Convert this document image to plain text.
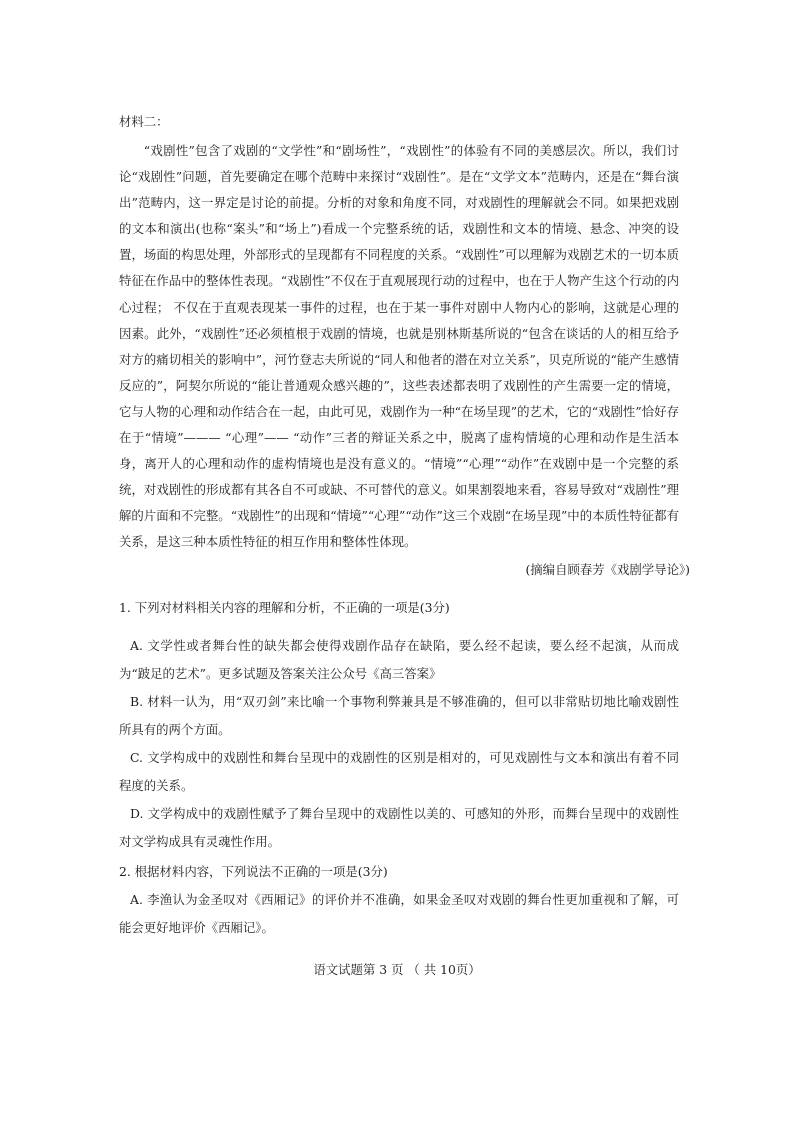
材料二：

“戏剧性”包含了戏剧的“文学性”和“剧场性”，“戏剧性”的体验有不同的美感层次。所以，我们讨论“戏剧性”问题，首先要确定在哪个范畴中来探讨“戏剧性”。是在“文学文本”范畴内，还是在“舞台演出”范畴内，这一界定是讨论的前提。分析的对象和角度不同，对戏剧性的理解就会不同。如果把戏剧的文本和演出(也称“案头”和“场上”)看成一个完整系统的话，戏剧性和文本的情境、悬念、冲突的设置，场面的构思处理，外部形式的呈现都有不同程度的关系。“戏剧性”可以理解为戏剧艺术的一切本质特征在作品中的整体性表现。“戏剧性”不仅在于直观展现行动的过程中，也在于人物产生这个行动的内心过程； 不仅在于直观表现某一事件的过程，也在于某一事件对剧中人物内心的影响，这就是心理的因素。此外，“戏剧性”还必须植根于戏剧的情境，也就是别林斯基所说的“包含在谈话的人的相互给予对方的痛切相关的影响中”，河竹登志夫所说的“同人和他者的潜在对立关系”，贝克所说的“能产生感情反应的”，阿契尔所说的“能让普通观众感兴趣的”，这些表述都表明了戏剧性的产生需要一定的情境，它与人物的心理和动作结合在一起，由此可见，戏剧作为一种“在场呈现”的艺术，它的“戏剧性”恰好存在于“情境”——— “心理”—— “动作”三者的辩证关系之中，脱离了虚构情境的心理和动作是生活本身，离开人的心理和动作的虚构情境也是没有意义的。“情境”“心理”“动作”在戏剧中是一个完整的系统，对戏剧性的形成都有其各自不可或缺、不可替代的意义。如果割裂地来看，容易导致对“戏剧性”理解的片面和不完整。“戏剧性”的出现和“情境”“心理”“动作”这三个戏剧“在场呈现”中的本质性特征都有关系，是这三种本质性特征的相互作用和整体性体现。

(摘编自顾春芳《戏剧学导论》)
1. 下列对材料相关内容的理解和分析，不正确的一项是(3分)

A. 文学性或者舞台性的缺失都会使得戏剧作品存在缺陷，要么经不起读，要么经不起演，从而成为“跛足的艺术”。更多试题及答案关注公众号《高三答案》

B. 材料一认为，用“双刃剑”来比喻一个事物利弊兼具是不够准确的，但可以非常贴切地比喻戏剧性所具有的两个方面。

C. 文学构成中的戏剧性和舞台呈现中的戏剧性的区别是相对的，可见戏剧性与文本和演出有着不同程度的关系。

D. 文学构成中的戏剧性赋予了舞台呈现中的戏剧性以美的、可感知的外形，而舞台呈现中的戏剧性对文学构成具有灵魂性作用。

2. 根据材料内容，下列说法不正确的一项是(3分)

A. 李渔认为金圣叹对《西厢记》的评价并不准确，如果金圣叹对戏剧的舞台性更加重视和了解，可能会更好地评价《西厢记》。

语文试题第 3 页 （ 共 10页）
